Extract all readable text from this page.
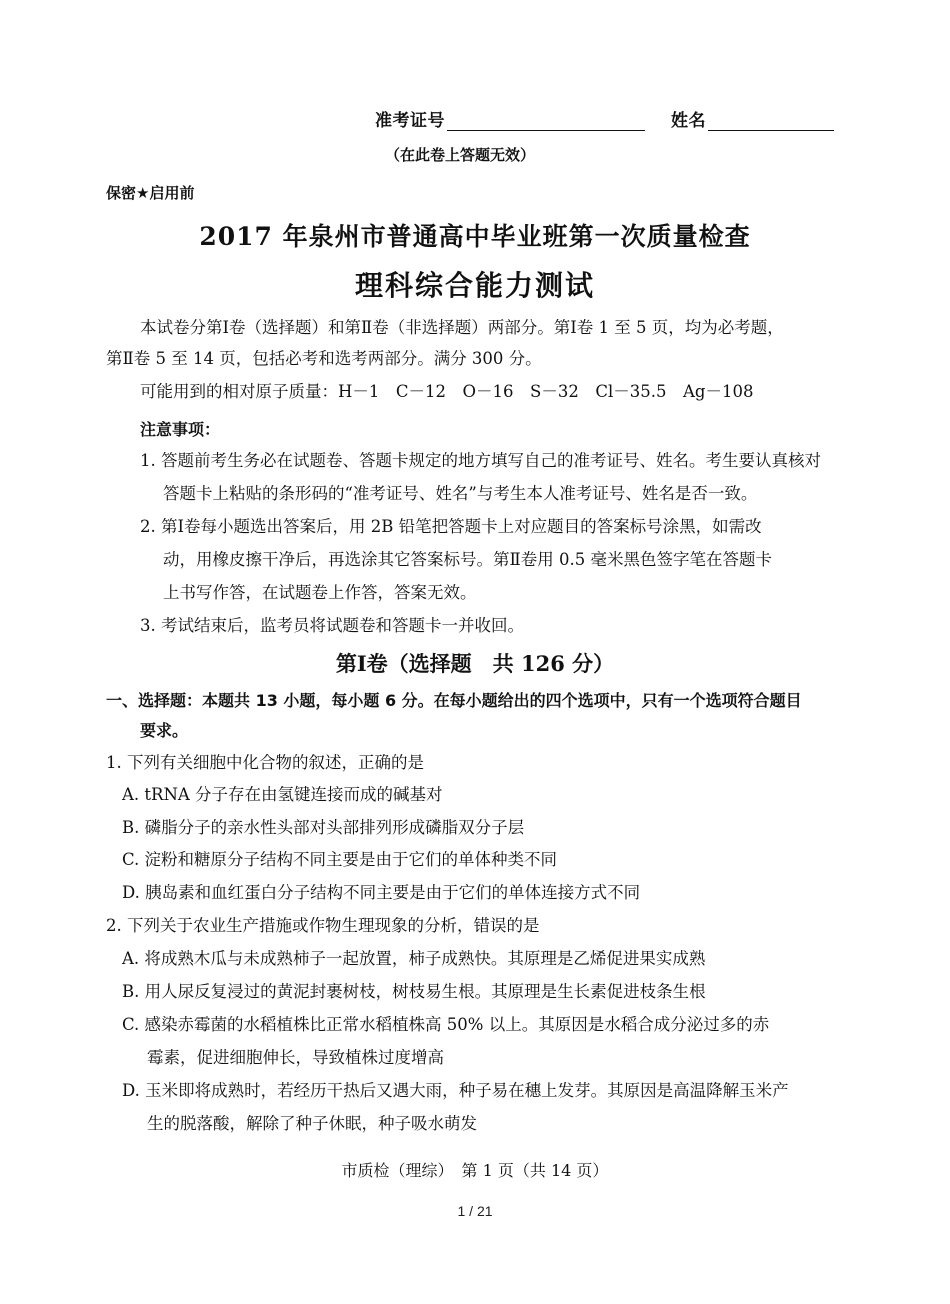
准考证号	姓名
（在此卷上答题无效）
保密★启用前
2017 年泉州市普通高中毕业班第一次质量检查
理科综合能力测试
本试卷分第Ⅰ卷（选择题）和第Ⅱ卷（非选择题）两部分。第Ⅰ卷 1 至 5 页，均为必考题，
第Ⅱ卷 5 至 14 页，包括必考和选考两部分。满分 300 分。
可能用到的相对原子质量：H－1　C－12　O－16　S－32　Cl－35.5　Ag－108
注意事项：
1. 答题前考生务必在试题卷、答题卡规定的地方填写自己的准考证号、姓名。考生要认真核对
答题卡上粘贴的条形码的“准考证号、姓名”与考生本人准考证号、姓名是否一致。
2. 第Ⅰ卷每小题选出答案后，用 2B 铅笔把答题卡上对应题目的答案标号涂黑，如需改
动，用橡皮擦干净后，再选涂其它答案标号。第Ⅱ卷用 0.5 毫米黑色签字笔在答题卡
上书写作答，在试题卷上作答，答案无效。
3. 考试结束后，监考员将试题卷和答题卡一并收回。
第Ⅰ卷（选择题　共 126 分）
一、选择题：本题共 13 小题，每小题 6 分。在每小题给出的四个选项中，只有一个选项符合题目
要求。
1. 下列有关细胞中化合物的叙述，正确的是
A. tRNA 分子存在由氢键连接而成的碱基对
B. 磷脂分子的亲水性头部对头部排列形成磷脂双分子层
C. 淀粉和糖原分子结构不同主要是由于它们的单体种类不同
D. 胰岛素和血红蛋白分子结构不同主要是由于它们的单体连接方式不同
2. 下列关于农业生产措施或作物生理现象的分析，错误的是
A. 将成熟木瓜与未成熟柿子一起放置，柿子成熟快。其原理是乙烯促进果实成熟
B. 用人尿反复浸过的黄泥封裹树枝，树枝易生根。其原理是生长素促进枝条生根
C. 感染赤霉菌的水稻植株比正常水稻植株高 50% 以上。其原因是水稻合成分泌过多的赤
霉素，促进细胞伸长，导致植株过度增高
D. 玉米即将成熟时，若经历干热后又遇大雨，种子易在穗上发芽。其原因是高温降解玉米产
生的脱落酸，解除了种子休眠，种子吸水萌发
市质检（理综）　第 1 页（共 14 页）
1 / 21
